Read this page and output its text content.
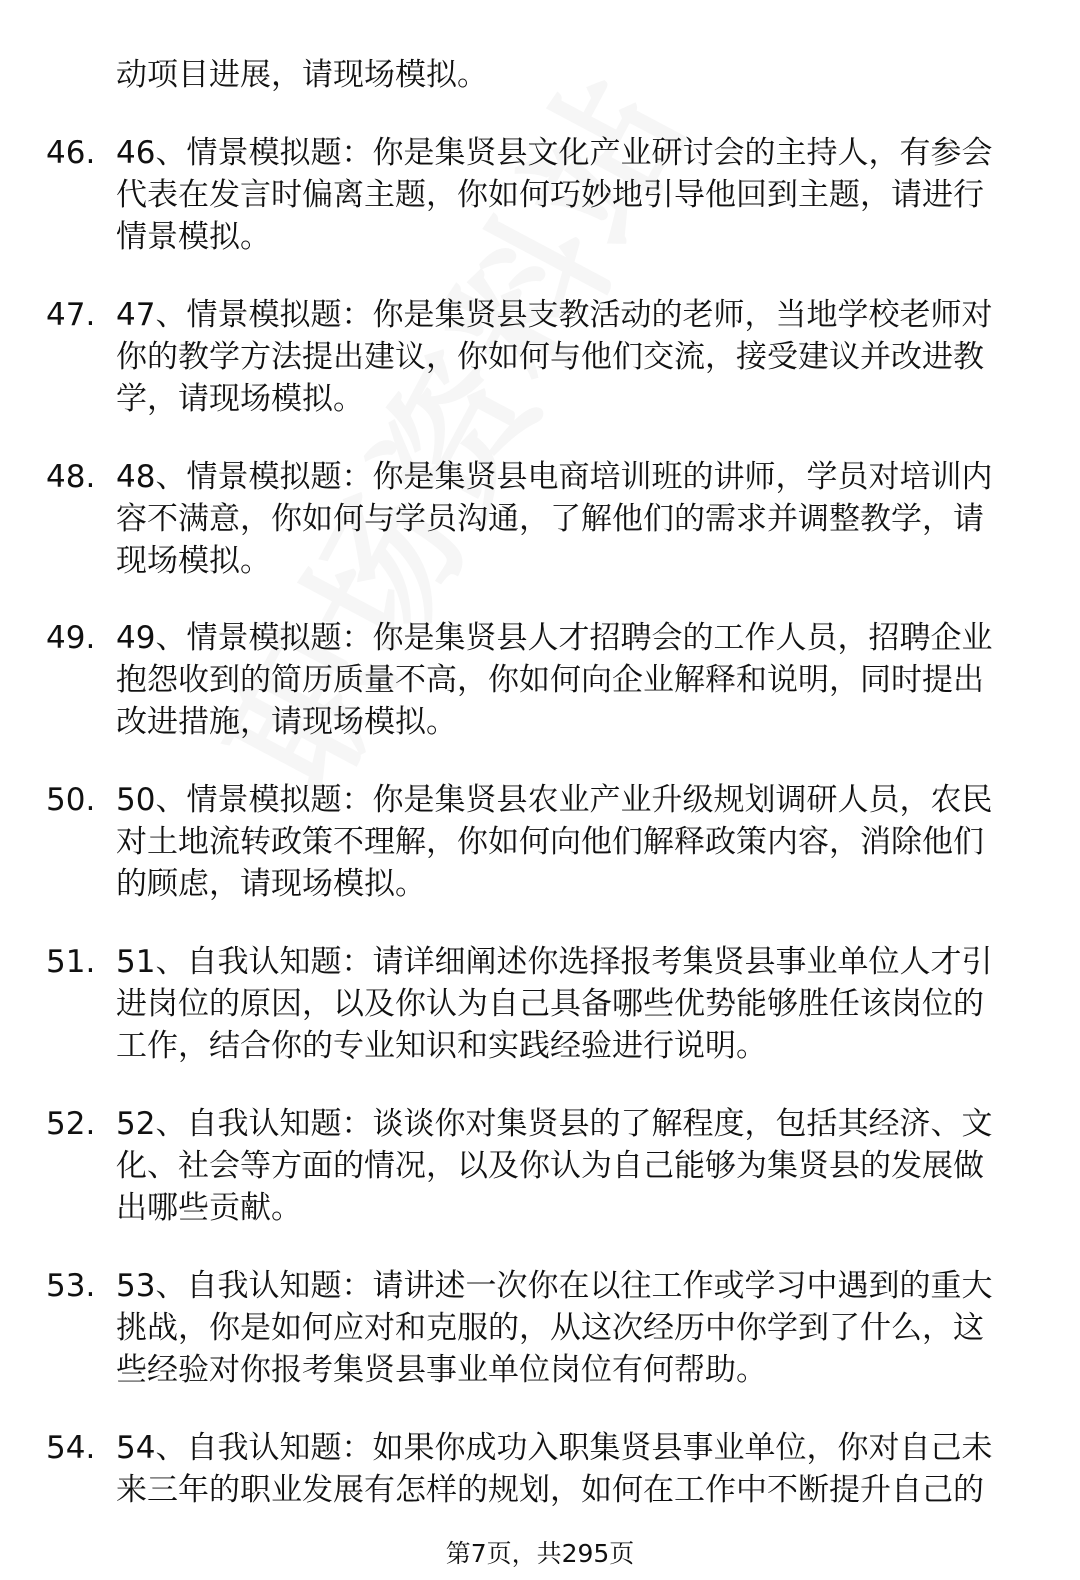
动项目进展，请现场模拟。
46. 46、情景模拟题：你是集贤县文化产业研讨会的主持人，有参会
代表在发言时偏离主题，你如何巧妙地引导他回到主题，请进行
情景模拟。
47. 47、情景模拟题：你是集贤县支教活动的老师，当地学校老师对
你的教学方法提出建议，你如何与他们交流，接受建议并改进教
学，请现场模拟。
48. 48、情景模拟题：你是集贤县电商培训班的讲师，学员对培训内
容不满意，你如何与学员沟通，了解他们的需求并调整教学，请
现场模拟。
49. 49、情景模拟题：你是集贤县人才招聘会的工作人员，招聘企业
抱怨收到的简历质量不高，你如何向企业解释和说明，同时提出
改进措施，请现场模拟。
50. 50、情景模拟题：你是集贤县农业产业升级规划调研人员，农民
对土地流转政策不理解，你如何向他们解释政策内容，消除他们
的顾虑，请现场模拟。
51. 51、自我认知题：请详细阐述你选择报考集贤县事业单位人才引
进岗位的原因，以及你认为自己具备哪些优势能够胜任该岗位的
工作，结合你的专业知识和实践经验进行说明。
52. 52、自我认知题：谈谈你对集贤县的了解程度，包括其经济、文
化、社会等方面的情况，以及你认为自己能够为集贤县的发展做
出哪些贡献。
53. 53、自我认知题：请讲述一次你在以往工作或学习中遇到的重大
挑战，你是如何应对和克服的，从这次经历中你学到了什么，这
些经验对你报考集贤县事业单位岗位有何帮助。
54. 54、自我认知题：如果你成功入职集贤县事业单位，你对自己未
来三年的职业发展有怎样的规划，如何在工作中不断提升自己的
第7页，共295页
